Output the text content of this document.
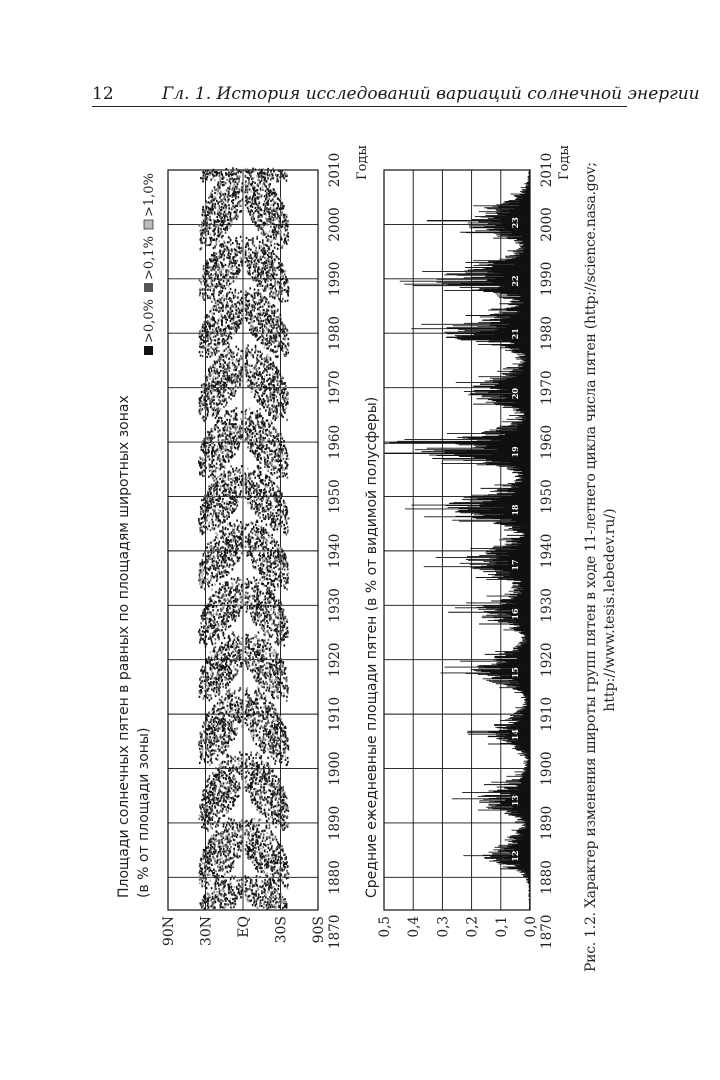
12	Гл. 1. История исследований вариаций солнечной энергии
90N 30N EQ 30S 90S 1870
1880
1890
1900
1910
1920
1930
1940
1950
1960
1970
1980
1990
2000
2010
Площади солнечных пятен в равных по площадям широтных зонах (в % от площади зоны)
Годы
>0,0%
>0,1%
>1,0%
Средние ежедневные площади пятен (в % от видимой полусферы)	12
13
14
15
16
17
18
19
20
21
22
23
0,0
0,1
0,2
0,3
0,4
0,5	1870
1880
1890
1900
1910
1920
1930
1940
1950
1960
1970
1980
1990
2000
2010 Годы
Рис. 1.2. Характер изменения широты групп пятен в ходе 11-летнего цикла числа пятен (http://science.nasa.gov;
http://www.tesis.lebedev.ru/)
